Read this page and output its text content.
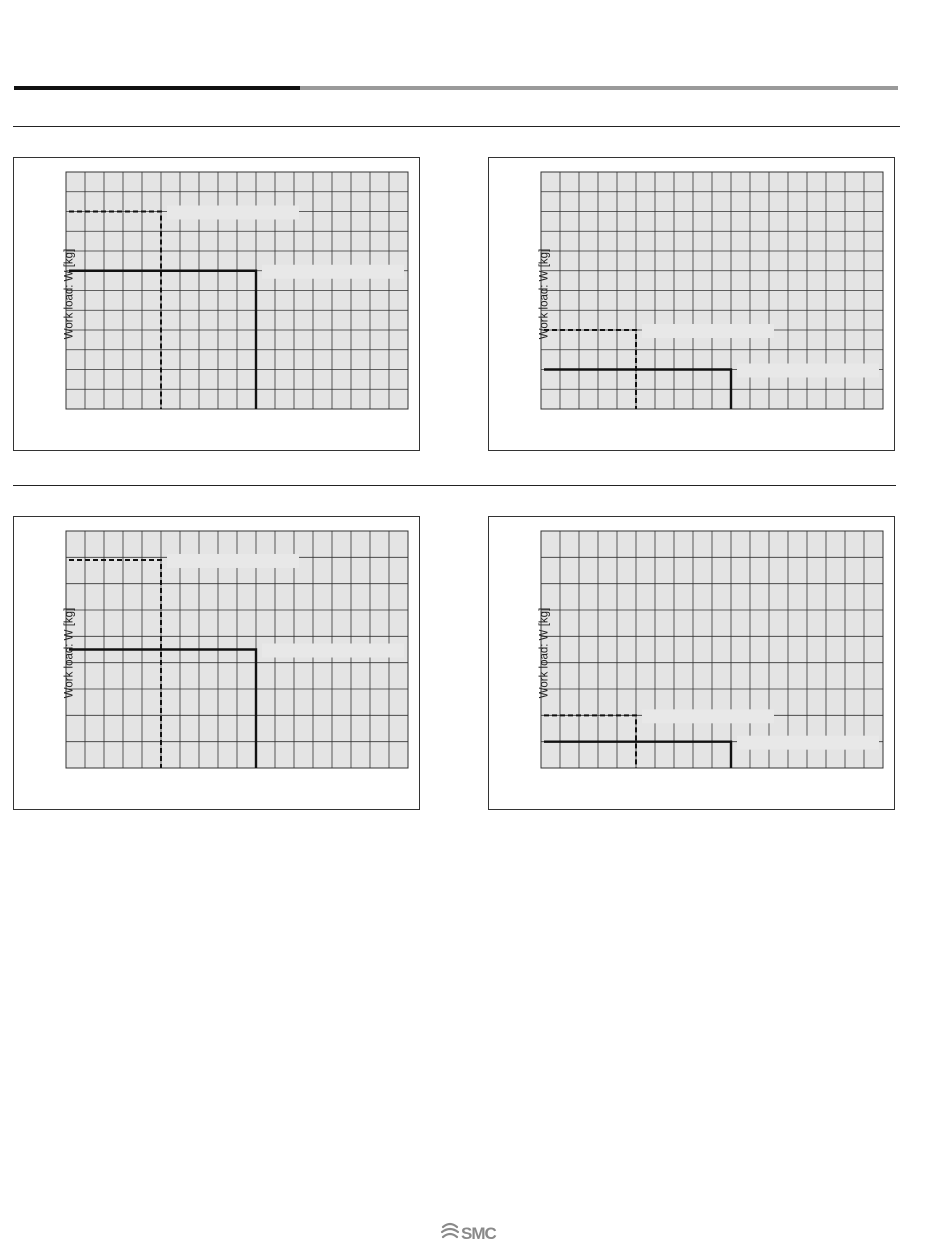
Work load: W [kg]	Work load: W [kg]
Work load: W [kg]	Work load: W [kg]
SMC
